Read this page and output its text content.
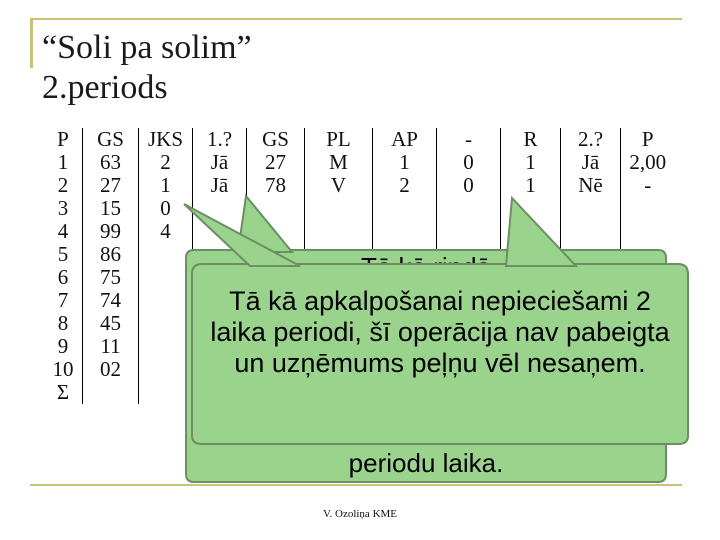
“Soli pa solim”
2.periods
P	GS	JKS	1.?	GS	PL	AP	-	R	2.?	P
1	63	2	Jā	27	M	1	0	1	Jā	2,00
2	27	1	Jā	78	V	2	0	1	Nē	-
3	15	0								
4	99	4								
5	86									
6	75									
7	74									
8	45									
9	11									
10	02									
Σ										
periodu laika.
Tā kā apkalpošanai nepieciešami 2 laika periodi, šī operācija nav pabeigta un uzņēmums peļņu vēl nesaņem.
V. Ozoliņa KME
